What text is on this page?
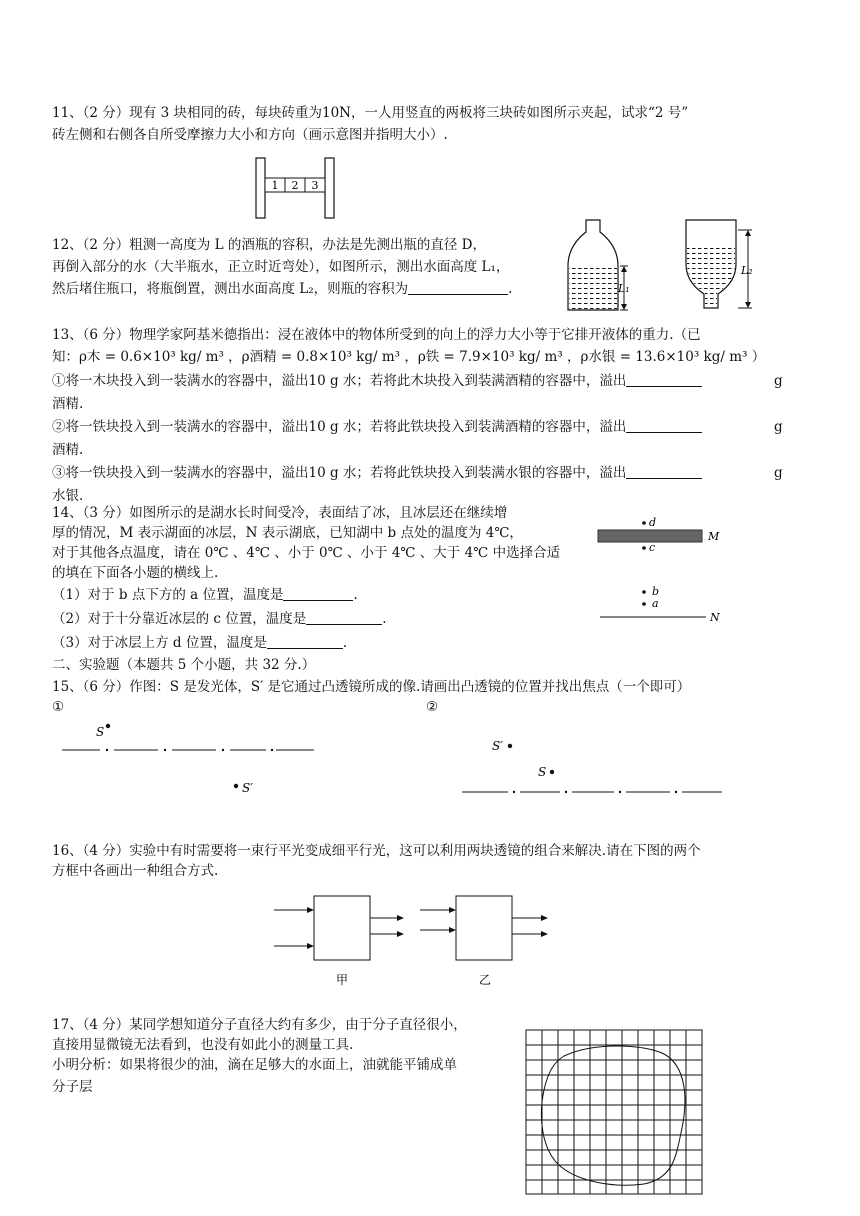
11、（2 分）现有 3 块相同的砖，每块砖重为10N，一人用竖直的两板将三块砖如图所示夹起，试求“2 号”
砖左侧和右侧各自所受摩擦力大小和方向（画示意图并指明大小）.
1 2 3
12、（2 分）粗测一高度为 L 的酒瓶的容积，办法是先测出瓶的直径 D，
再倒入部分的水（大半瓶水，正立时近弯处），如图所示，测出水面高度 L₁，
然后堵住瓶口，将瓶倒置，测出水面高度 L₂，则瓶的容积为	.	L₁
L₂
13、（6 分）物理学家阿基米德指出：浸在液体中的物体所受到的向上的浮力大小等于它排开液体的重力.（已
知：ρ木 = 0.6×10³ kg/ m³ ，ρ酒精 = 0.8×10³ kg/ m³ ，ρ铁 = 7.9×10³ kg/ m³ ，ρ水银 = 13.6×10³ kg/ m³ ）
①将一木块投入到一装满水的容器中，溢出10 g 水；若将此木块投入到装满酒精的容器中，溢出	g
酒精.
②将一铁块投入到一装满水的容器中，溢出10 g 水；若将此铁块投入到装满酒精的容器中，溢出	g
酒精.
③将一铁块投入到一装满水的容器中，溢出10 g 水；若将此铁块投入到装满水银的容器中，溢出	g
水银.
14、（3 分）如图所示的是湖水长时间受冷，表面结了冰，且冰层还在继续增
厚的情况，M 表示湖面的冰层，N 表示湖底，已知湖中 b 点处的温度为 4℃，
对于其他各点温度，请在 0℃ 、4℃ 、小于 0℃ 、小于 4℃ 、大于 4℃ 中选择合适
的填在下面各小题的横线上.
（1）对于 b 点下方的 a 位置，温度是	.
（2）对于十分靠近冰层的 c 位置，温度是	.
（3）对于冰层上方 d 位置，温度是	.
d
M
c
b
a
N
二、实验题（本题共 5 个小题，共 32 分.）
15、（6 分）作图：S 是发光体，S′ 是它通过凸透镜所成的像.请画出凸透镜的位置并找出焦点（一个即可）
①	②
S
S′
S′
S
16、（4 分）实验中有时需要将一束行平光变成细平行光，这可以利用两块透镜的组合来解决.请在下图的两个
方框中各画出一种组合方式.
甲	乙
17、（4 分）某同学想知道分子直径大约有多少，由于分子直径很小，
直接用显微镜无法看到，也没有如此小的测量工具.
小明分析：如果将很少的油，滴在足够大的水面上，油就能平铺成单
分子层
